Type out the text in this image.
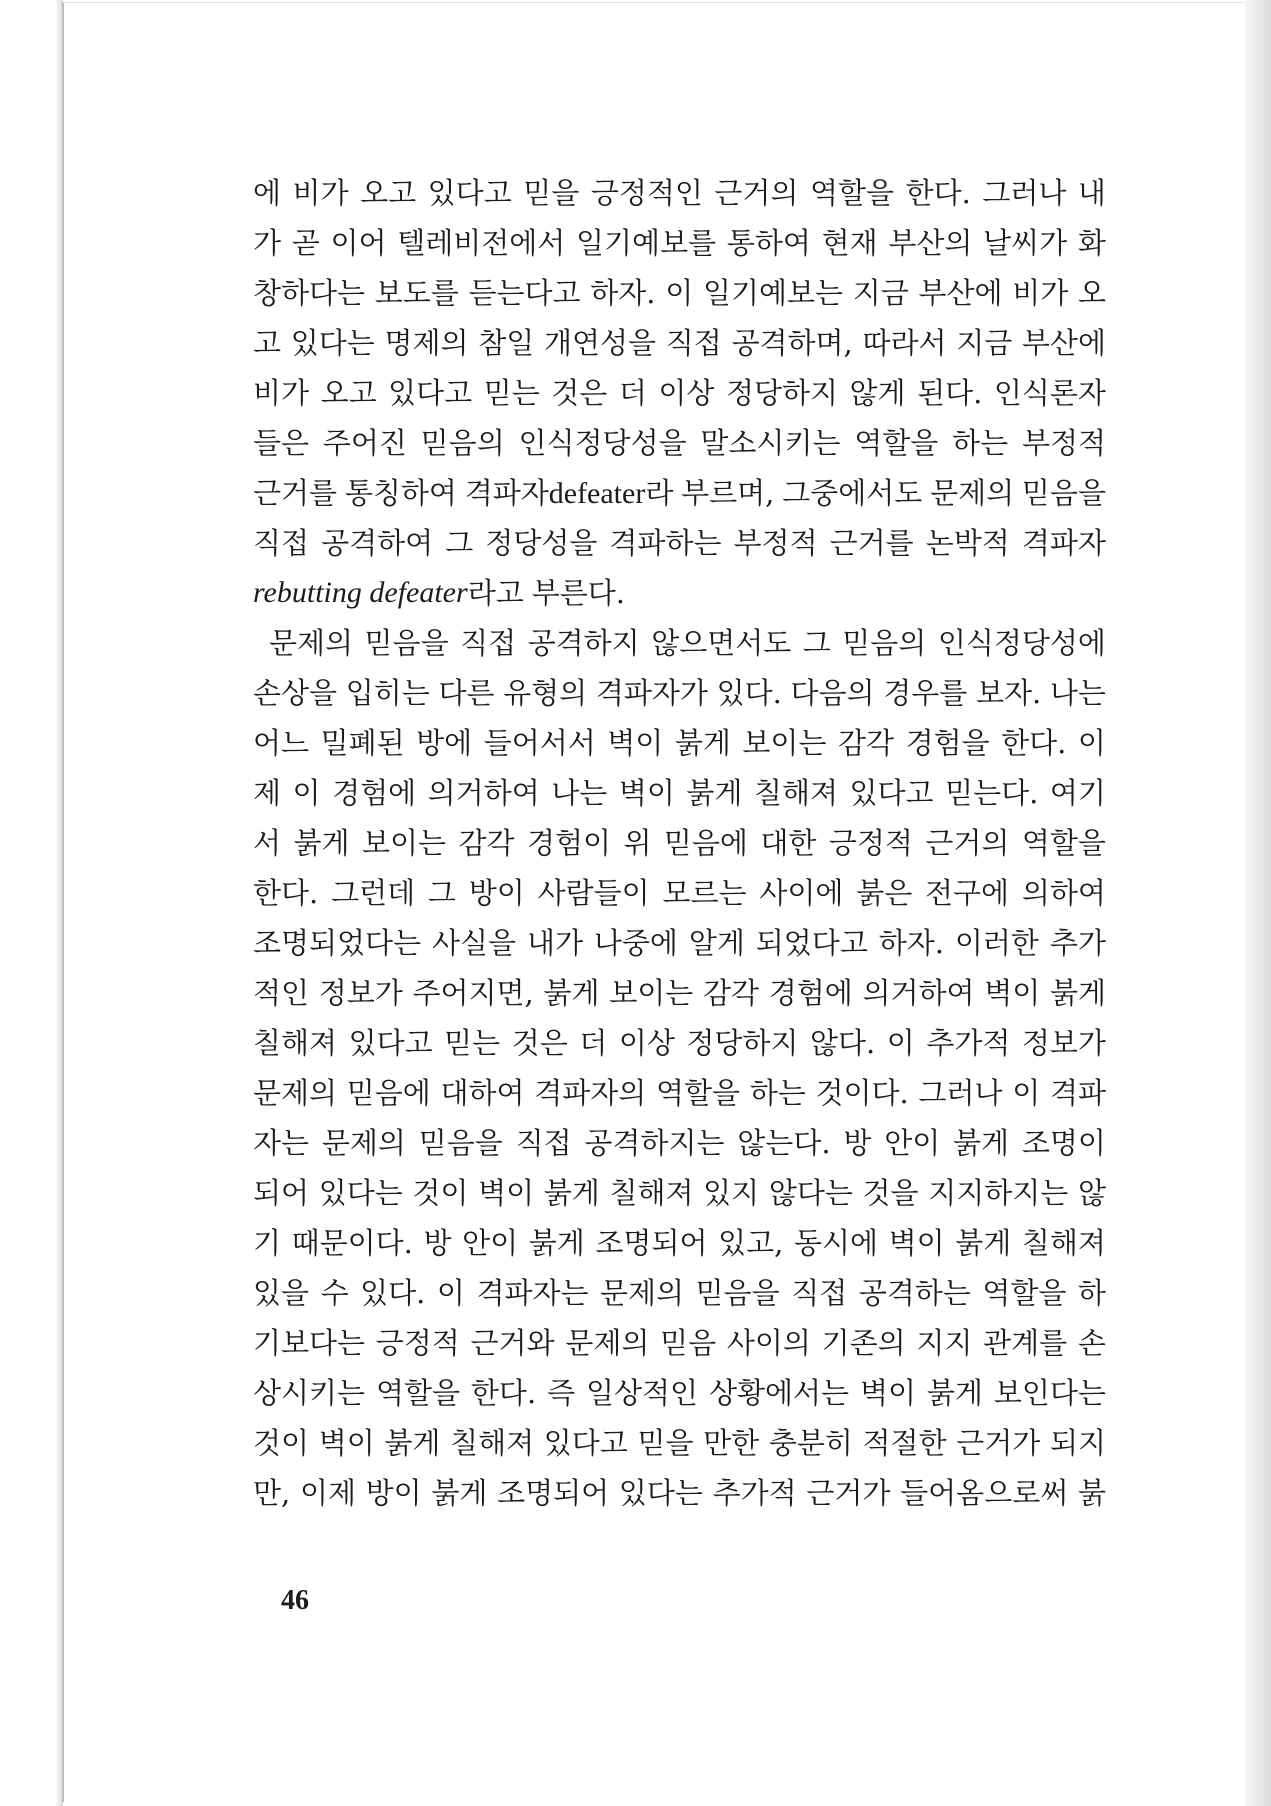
에 비가 오고 있다고 믿을 긍정적인 근거의 역할을 한다. 그러나 내
가 곧 이어 텔레비전에서 일기예보를 통하여 현재 부산의 날씨가 화
창하다는 보도를 듣는다고 하자. 이 일기예보는 지금 부산에 비가 오
고 있다는 명제의 참일 개연성을 직접 공격하며, 따라서 지금 부산에
비가 오고 있다고 믿는 것은 더 이상 정당하지 않게 된다. 인식론자
들은 주어진 믿음의 인식정당성을 말소시키는 역할을 하는 부정적
근거를 통칭하여 격파자defeater라 부르며, 그중에서도 문제의 믿음을
직접 공격하여 그 정당성을 격파하는 부정적 근거를 논박적 격파자
rebutting defeater 라고 부른다.
문제의 믿음을 직접 공격하지 않으면서도 그 믿음의 인식정당성에
손상을 입히는 다른 유형의 격파자가 있다. 다음의 경우를 보자. 나는
어느 밀폐된 방에 들어서서 벽이 붉게 보이는 감각 경험을 한다. 이
제 이 경험에 의거하여 나는 벽이 붉게 칠해져 있다고 믿는다. 여기
서 붉게 보이는 감각 경험이 위 믿음에 대한 긍정적 근거의 역할을
한다. 그런데 그 방이 사람들이 모르는 사이에 붉은 전구에 의하여
조명되었다는 사실을 내가 나중에 알게 되었다고 하자. 이러한 추가
적인 정보가 주어지면, 붉게 보이는 감각 경험에 의거하여 벽이 붉게
칠해져 있다고 믿는 것은 더 이상 정당하지 않다. 이 추가적 정보가
문제의 믿음에 대하여 격파자의 역할을 하는 것이다. 그러나 이 격파
자는 문제의 믿음을 직접 공격하지는 않는다. 방 안이 붉게 조명이
되어 있다는 것이 벽이 붉게 칠해져 있지 않다는 것을 지지하지는 않
기 때문이다. 방 안이 붉게 조명되어 있고, 동시에 벽이 붉게 칠해져
있을 수 있다. 이 격파자는 문제의 믿음을 직접 공격하는 역할을 하
기보다는 긍정적 근거와 문제의 믿음 사이의 기존의 지지 관계를 손
상시키는 역할을 한다. 즉 일상적인 상황에서는 벽이 붉게 보인다는
것이 벽이 붉게 칠해져 있다고 믿을 만한 충분히 적절한 근거가 되지
만, 이제 방이 붉게 조명되어 있다는 추가적 근거가 들어옴으로써 붉
46
